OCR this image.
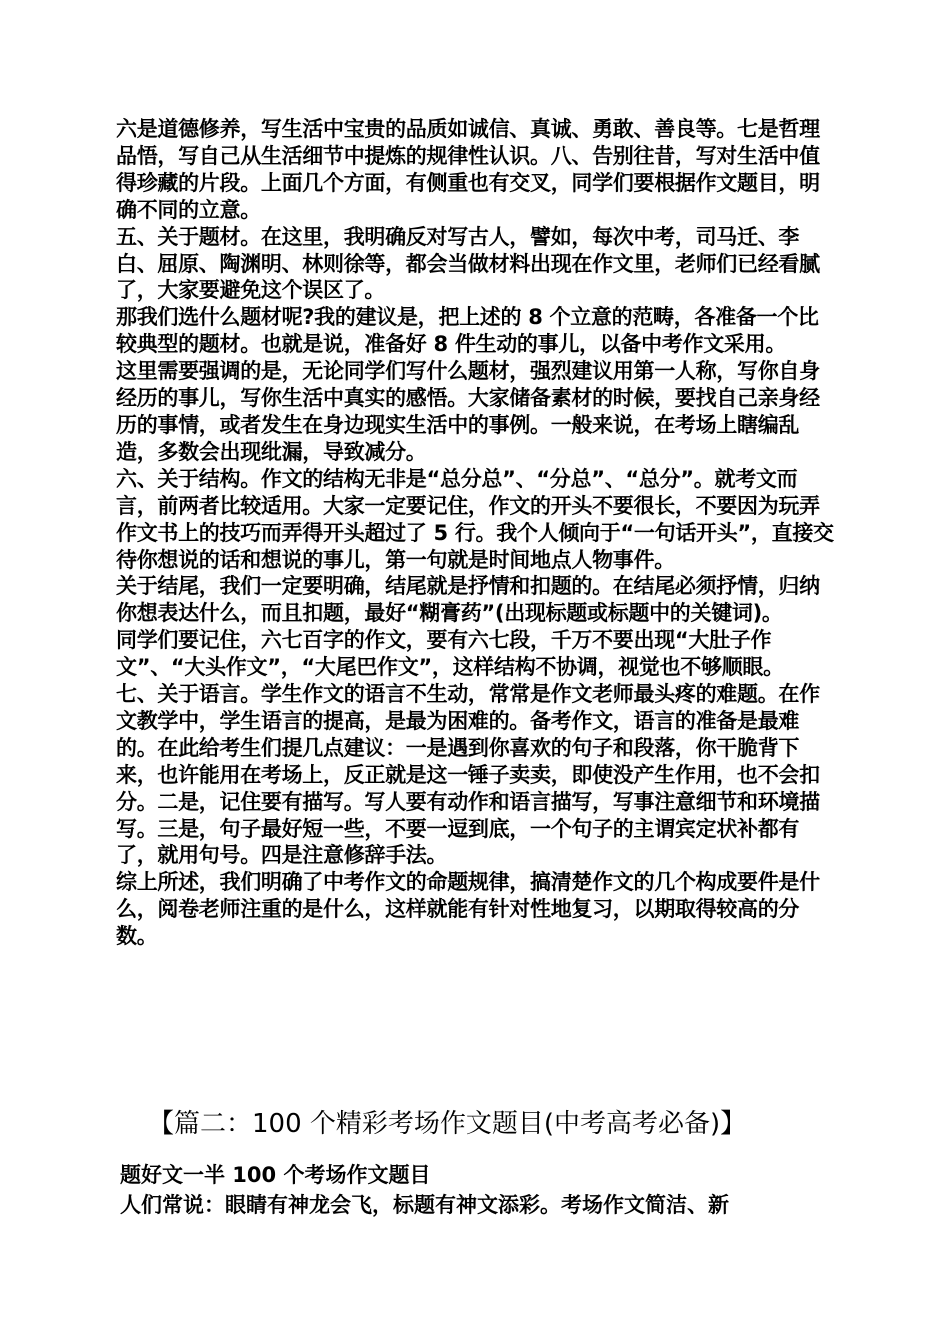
六是道德修养，写生活中宝贵的品质如诚信、真诚、勇敢、善良等。七是哲理品悟，写自己从生活细节中提炼的规律性认识。八、告别往昔，写对生活中值得珍藏的片段。上面几个方面，有侧重也有交叉，同学们要根据作文题目，明确不同的立意。

五、关于题材。在这里，我明确反对写古人，譬如，每次中考，司马迁、李白、屈原、陶渊明、林则徐等，都会当做材料出现在作文里，老师们已经看腻了，大家要避免这个误区了。

那我们选什么题材呢?我的建议是，把上述的 8 个立意的范畴，各准备一个比较典型的题材。也就是说，准备好 8 件生动的事儿，以备中考作文采用。

这里需要强调的是，无论同学们写什么题材，强烈建议用第一人称，写你自身经历的事儿，写你生活中真实的感悟。大家储备素材的时候，要找自己亲身经历的事情，或者发生在身边现实生活中的事例。一般来说，在考场上瞎编乱造，多数会出现纰漏，导致减分。

六、关于结构。作文的结构无非是“总分总”、“分总”、“总分”。就考文而言，前两者比较适用。大家一定要记住，作文的开头不要很长，不要因为玩弄作文书上的技巧而弄得开头超过了 5 行。我个人倾向于“一句话开头”，直接交待你想说的话和想说的事儿，第一句就是时间地点人物事件。

关于结尾，我们一定要明确，结尾就是抒情和扣题的。在结尾必须抒情，归纳你想表达什么，而且扣题，最好“糊膏药”(出现标题或标题中的关键词)。

同学们要记住，六七百字的作文，要有六七段，千万不要出现“大肚子作文”、“大头作文”，“大尾巴作文”，这样结构不协调，视觉也不够顺眼。

七、关于语言。学生作文的语言不生动，常常是作文老师最头疼的难题。在作文教学中，学生语言的提高，是最为困难的。备考作文，语言的准备是最难的。在此给考生们提几点建议：一是遇到你喜欢的句子和段落，你干脆背下来，也许能用在考场上，反正就是这一锤子卖卖，即使没产生作用，也不会扣分。二是，记住要有描写。写人要有动作和语言描写，写事注意细节和环境描写。三是，句子最好短一些，不要一逗到底，一个句子的主谓宾定状补都有了，就用句号。四是注意修辞手法。

综上所述，我们明确了中考作文的命题规律，搞清楚作文的几个构成要件是什么，阅卷老师注重的是什么，这样就能有针对性地复习，以期取得较高的分数。

【篇二：100 个精彩考场作文题目(中考高考必备)】

题好文一半 100 个考场作文题目

人们常说：眼睛有神龙会飞，标题有神文添彩。考场作文简洁、新
